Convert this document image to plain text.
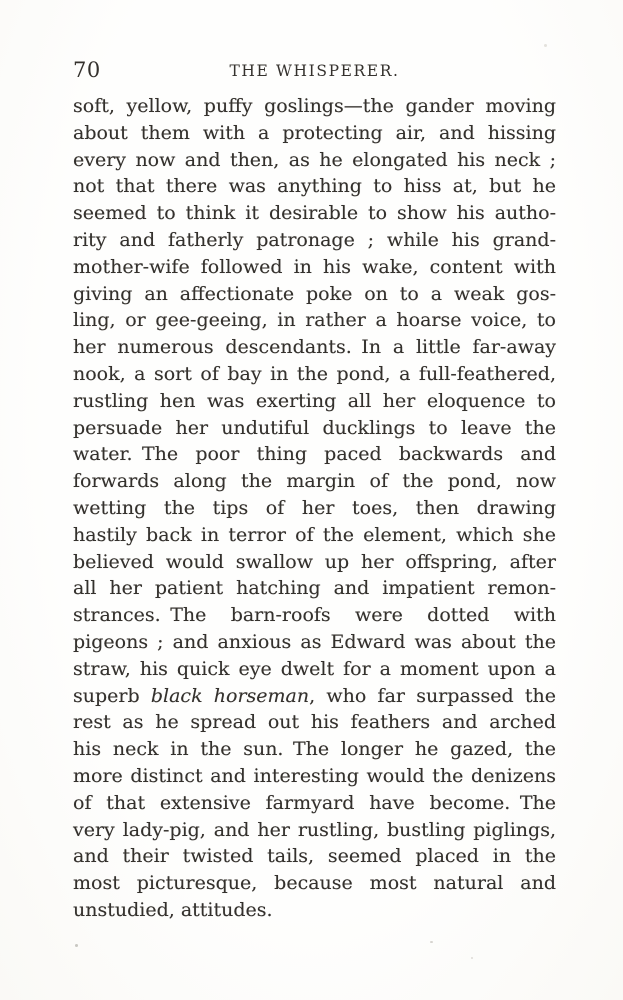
70	THE WHISPERER.
soft, yellow, puffy goslings—the gander moving
about them with a protecting air, and hissing
every now and then, as he elongated his neck ;
not that there was anything to hiss at, but he
seemed to think it desirable to show his autho-
rity and fatherly patronage ; while his grand-
mother-wife followed in his wake, content with
giving an affectionate poke on to a weak gos-
ling, or gee-geeing, in rather a hoarse voice, to
her numerous descendants. In a little far-away
nook, a sort of bay in the pond, a full-feathered,
rustling hen was exerting all her eloquence to
persuade her undutiful ducklings to leave the
water. The poor thing paced backwards and
forwards along the margin of the pond, now
wetting the tips of her toes, then drawing
hastily back in terror of the element, which she
believed would swallow up her offspring, after
all her patient hatching and impatient remon-
strances. The barn-roofs were dotted with
pigeons ; and anxious as Edward was about the
straw, his quick eye dwelt for a moment upon a
superb black horseman, who far surpassed the
rest as he spread out his feathers and arched
his neck in the sun. The longer he gazed, the
more distinct and interesting would the denizens
of that extensive farmyard have become. The
very lady-pig, and her rustling, bustling piglings,
and their twisted tails, seemed placed in the
most picturesque, because most natural and
unstudied, attitudes.
